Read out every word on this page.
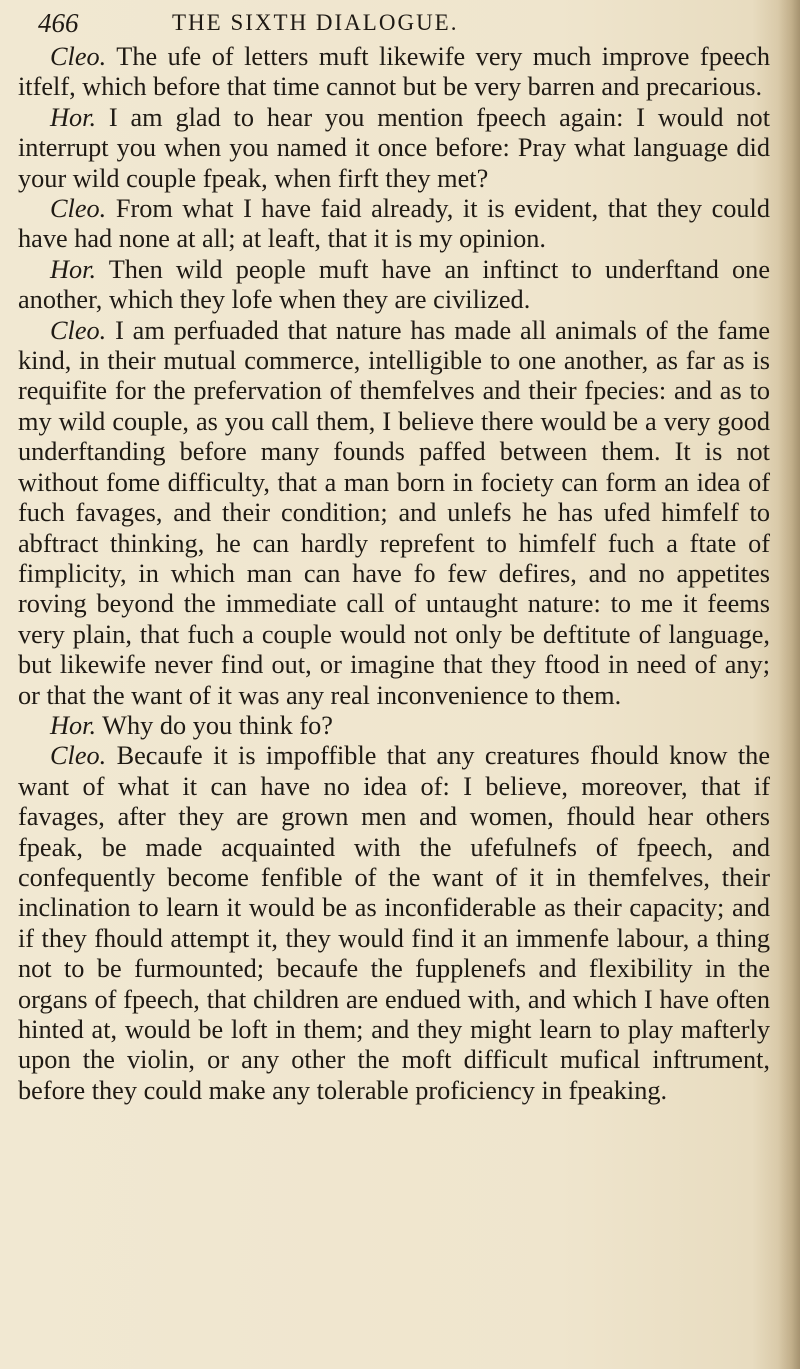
466	THE SIXTH DIALOGUE.

Cleo. The ufe of letters muft likewife very much improve fpeech itfelf, which before that time cannot but be very barren and precarious.

Hor. I am glad to hear you mention fpeech again: I would not interrupt you when you named it once before: Pray what language did your wild couple fpeak, when firft they met?

Cleo. From what I have faid already, it is evident, that they could have had none at all; at leaft, that it is my opinion.

Hor. Then wild people muft have an inftinct to underftand one another, which they lofe when they are civilized.

Cleo. I am perfuaded that nature has made all animals of the fame kind, in their mutual commerce, intelligible to one another, as far as is requifite for the prefervation of themfelves and their fpecies: and as to my wild couple, as you call them, I believe there would be a very good underftanding before many founds paffed between them. It is not without fome difficulty, that a man born in fociety can form an idea of fuch favages, and their condition; and unlefs he has ufed himfelf to abftract thinking, he can hardly reprefent to himfelf fuch a ftate of fimplicity, in which man can have fo few defires, and no appetites roving beyond the immediate call of untaught nature: to me it feems very plain, that fuch a couple would not only be deftitute of language, but likewife never find out, or imagine that they ftood in need of any; or that the want of it was any real inconvenience to them.

Hor. Why do you think fo?

Cleo. Becaufe it is impoffible that any creatures fhould know the want of what it can have no idea of: I believe, moreover, that if favages, after they are grown men and women, fhould hear others fpeak, be made acquainted with the ufefulnefs of fpeech, and confequently become fenfible of the want of it in themfelves, their inclination to learn it would be as inconfiderable as their capacity; and if they fhould attempt it, they would find it an immenfe labour, a thing not to be furmounted; becaufe the fupplenefs and flexibility in the organs of fpeech, that children are endued with, and which I have often hinted at, would be loft in them; and they might learn to play mafterly upon the violin, or any other the moft difficult mufical inftrument, before they could make any tolerable proficiency in fpeaking.
